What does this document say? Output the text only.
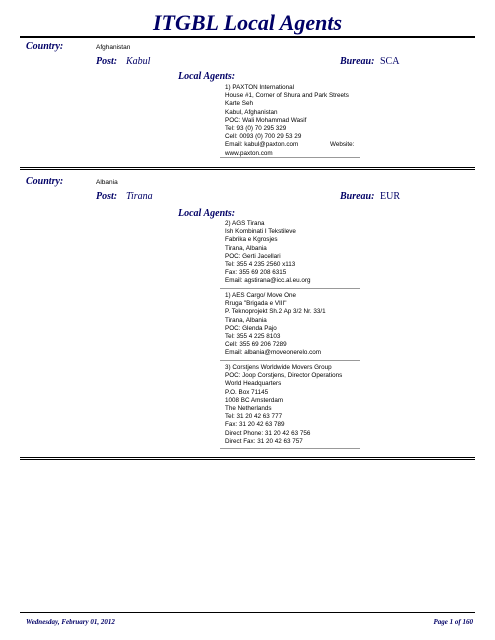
ITGBL Local Agents
Country:	Afghanistan
Post: Kabul	Bureau: SCA
Local Agents:
1) PAXTON International
House #1, Corner of Shura and Park Streets
Karte Seh
Kabul, Afghanistan
POC: Wali Mohammad Wasif
Tel: 93 (0) 70 295 329
Cell: 0093 (0) 700 29 53 29
Email: kabul@paxton.com	Website:
www.paxton.com
Country:	Albania
Post: Tirana	Bureau: EUR
Local Agents:
2) AGS Tirana
Ish Kombinati I Tekstileve
Fabrika e Kgrosjes
Tirana, Albania
POC: Gerti Jacellari
Tel: 355 4 235 2560 x113
Fax: 355 69 208 6315
Email: agstirana@icc.al.eu.org
1) AES Cargo/ Move One
Rruga "Brigada e VIII"
P. Teknoprojekt Sh.2 Ap 3/2 Nr. 33/1
Tirana, Albania
POC: Glenda Pajo
Tel: 355 4 225 8103
Cell: 355 69 206 7289
Email: albania@moveonerelo.com
3) Corstjens Worldwide Movers Group
POC: Joop Corstjens, Director Operations
World Headquarters
P.O. Box 71145
1008 BC Amsterdam
The Netherlands
Tel: 31 20 42 63 777
Fax: 31 20 42 63 789
Direct Phone: 31 20 42 63 756
Direct Fax: 31 20 42 63 757
Wednesday, February 01, 2012	Page 1 of 160
